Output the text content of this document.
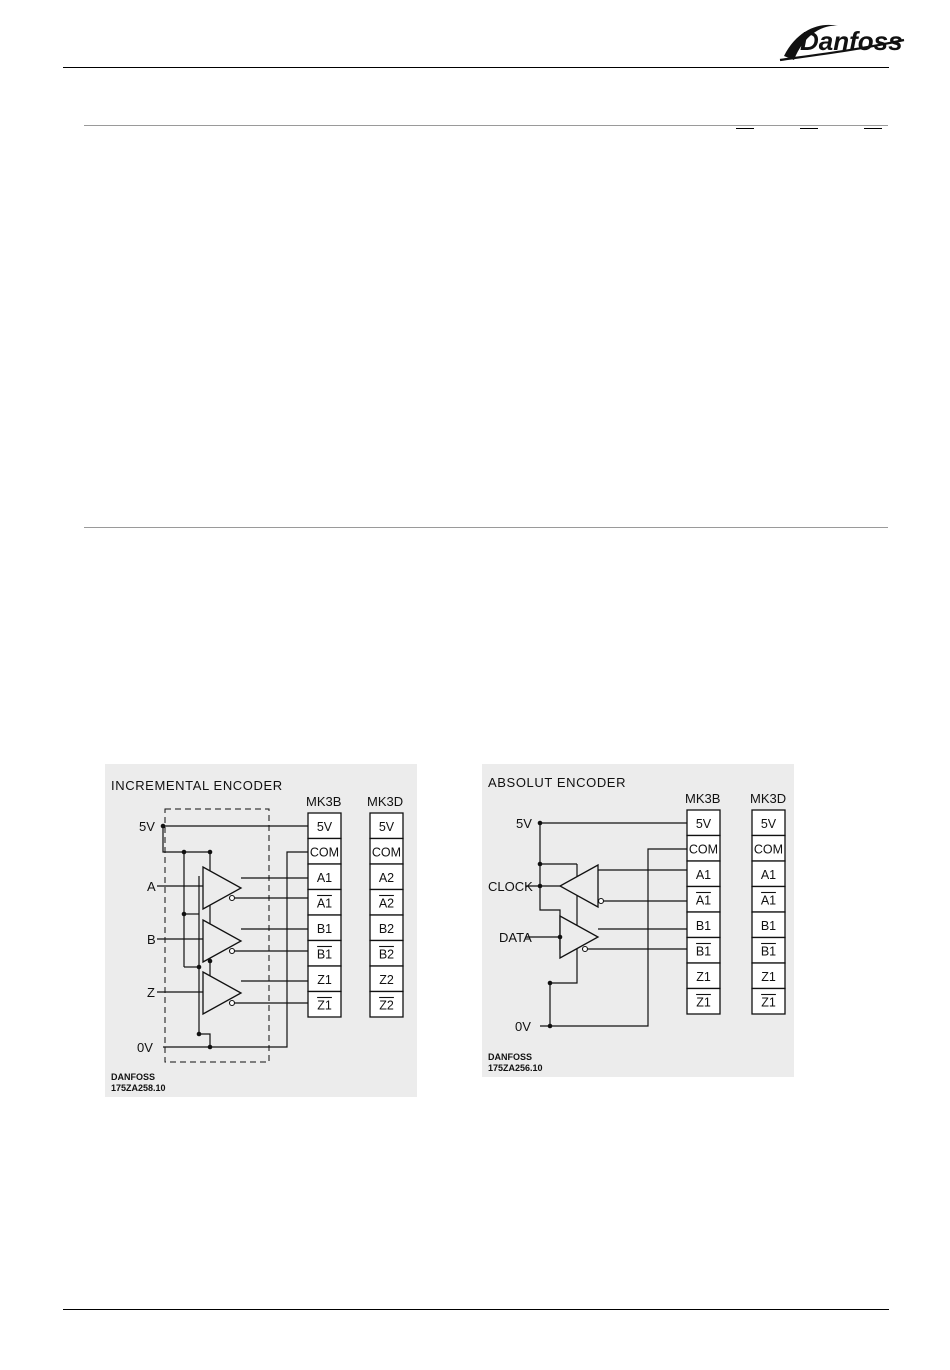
Danfoss
INCREMENTAL ENCODER
MK3B MK3D
5V
A
B
Z
0V
5V
COM
A1
A1
B1
B1
Z1
Z1
5V
COM
A2
A2
B2
B2
Z2
Z2
DANFOSS
175ZA258.10
ABSOLUT ENCODER
MK3B MK3D
5V
CLOCK
DATA
0V
5V
COM
A1
A1
B1
B1
Z1
Z1
5V
COM
A1
A1
B1
B1
Z1
Z1
DANFOSS
175ZA256.10
